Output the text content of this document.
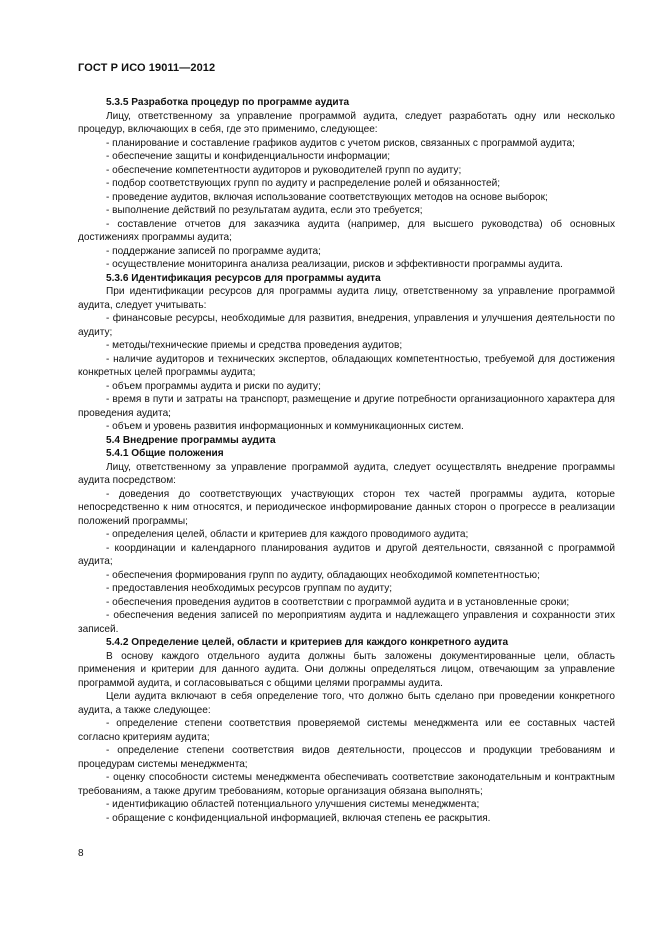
ГОСТ Р ИСО 19011—2012

5.3.5 Разработка процедур по программе аудита

Лицу, ответственному за управление программой аудита, следует разработать одну или несколько процедур, включающих в себя, где это применимо, следующее:

- планирование и составление графиков аудитов с учетом рисков, связанных с программой аудита;

- обеспечение защиты и конфиденциальности информации;

- обеспечение компетентности аудиторов и руководителей групп по аудиту;

- подбор соответствующих групп по аудиту и распределение ролей и обязанностей;

- проведение аудитов, включая использование соответствующих методов на основе выборок;

- выполнение действий по результатам аудита, если это требуется;

- составление отчетов для заказчика аудита (например, для высшего руководства) об основных достижениях программы аудита;

- поддержание записей по программе аудита;

- осуществление мониторинга анализа реализации, рисков и эффективности программы аудита.

5.3.6 Идентификация ресурсов для программы аудита

При идентификации ресурсов для программы аудита лицу, ответственному за управление программой аудита, следует учитывать:

- финансовые ресурсы, необходимые для развития, внедрения, управления и улучшения деятельности по аудиту;

- методы/технические приемы и средства проведения аудитов;

- наличие аудиторов и технических экспертов, обладающих компетентностью, требуемой для достижения конкретных целей программы аудита;

- объем программы аудита и риски по аудиту;

- время в пути и затраты на транспорт, размещение и другие потребности организационного характера для проведения аудита;

- объем и уровень развития информационных и коммуникационных систем.

5.4 Внедрение программы аудита

5.4.1 Общие положения

Лицу, ответственному за управление программой аудита, следует осуществлять внедрение программы аудита посредством:

- доведения до соответствующих участвующих сторон тех частей программы аудита, которые непосредственно к ним относятся, и периодическое информирование данных сторон о прогрессе в реализации положений программы;

- определения целей, области и критериев для каждого проводимого аудита;

- координации и календарного планирования аудитов и другой деятельности, связанной с программой аудита;

- обеспечения формирования групп по аудиту, обладающих необходимой компетентностью;

- предоставления необходимых ресурсов группам по аудиту;

- обеспечения проведения аудитов в соответствии с программой аудита и в установленные сроки;

- обеспечения ведения записей по мероприятиям аудита и надлежащего управления и сохранности этих записей.

5.4.2 Определение целей, области и критериев для каждого конкретного аудита

В основу каждого отдельного аудита должны быть заложены документированные цели, область применения и критерии для данного аудита. Они должны определяться лицом, отвечающим за управление программой аудита, и согласовываться с общими целями программы аудита.

Цели аудита включают в себя определение того, что должно быть сделано при проведении конкретного аудита, а также следующее:

- определение степени соответствия проверяемой системы менеджмента или ее составных частей согласно критериям аудита;

- определение степени соответствия видов деятельности, процессов и продукции требованиям и процедурам системы менеджмента;

- оценку способности системы менеджмента обеспечивать соответствие законодательным и контрактным требованиям, а также другим требованиям, которые организация обязана выполнять;

- идентификацию областей потенциального улучшения системы менеджмента;

- обращение с конфиденциальной информацией, включая степень ее раскрытия.

8
